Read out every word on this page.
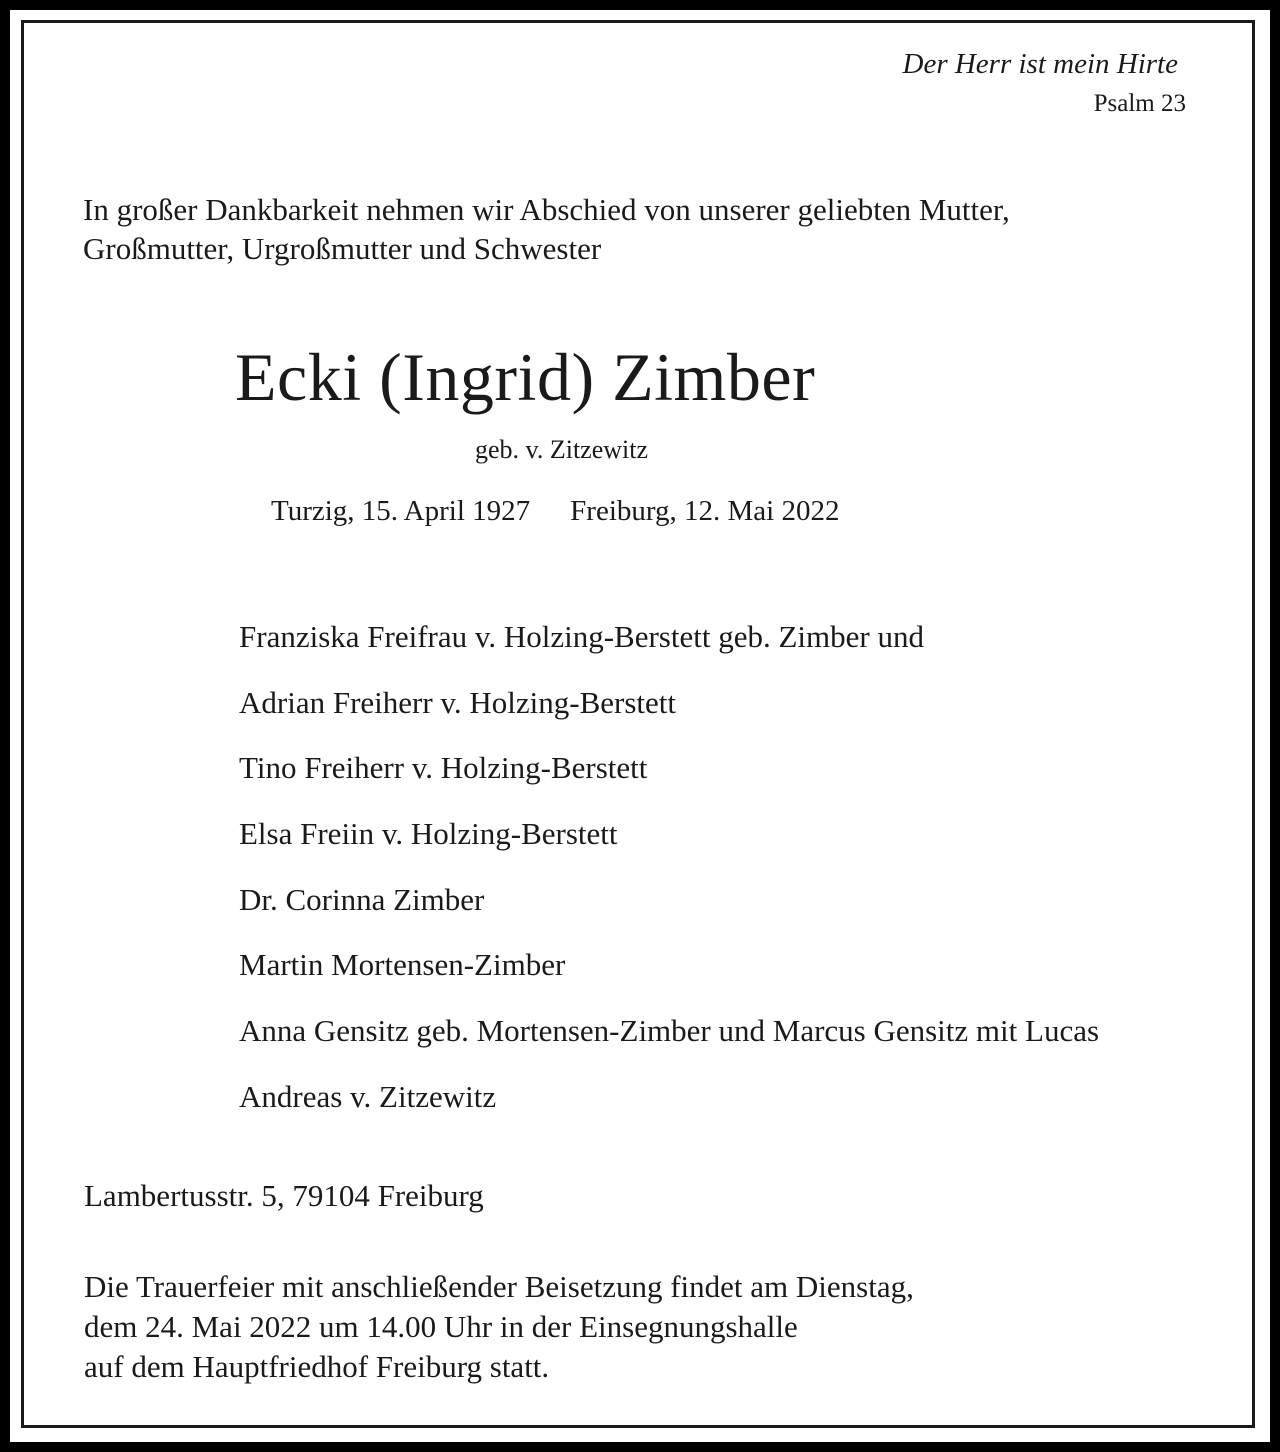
Der Herr ist mein Hirte
Psalm 23
In großer Dankbarkeit nehmen wir Abschied von unserer geliebten Mutter,
Großmutter, Urgroßmutter und Schwester
Ecki (Ingrid) Zimber
geb. v. Zitzewitz
Turzig, 15. April 1927 Freiburg, 12. Mai 2022
Franziska Freifrau v. Holzing-Berstett geb. Zimber und
Adrian Freiherr v. Holzing-Berstett
Tino Freiherr v. Holzing-Berstett
Elsa Freiin v. Holzing-Berstett
Dr. Corinna Zimber
Martin Mortensen-Zimber
Anna Gensitz geb. Mortensen-Zimber und Marcus Gensitz mit Lucas
Andreas v. Zitzewitz
Lambertusstr. 5, 79104 Freiburg
Die Trauerfeier mit anschließender Beisetzung findet am Dienstag,
dem 24. Mai 2022 um 14.00 Uhr in der Einsegnungshalle
auf dem Hauptfriedhof Freiburg statt.
